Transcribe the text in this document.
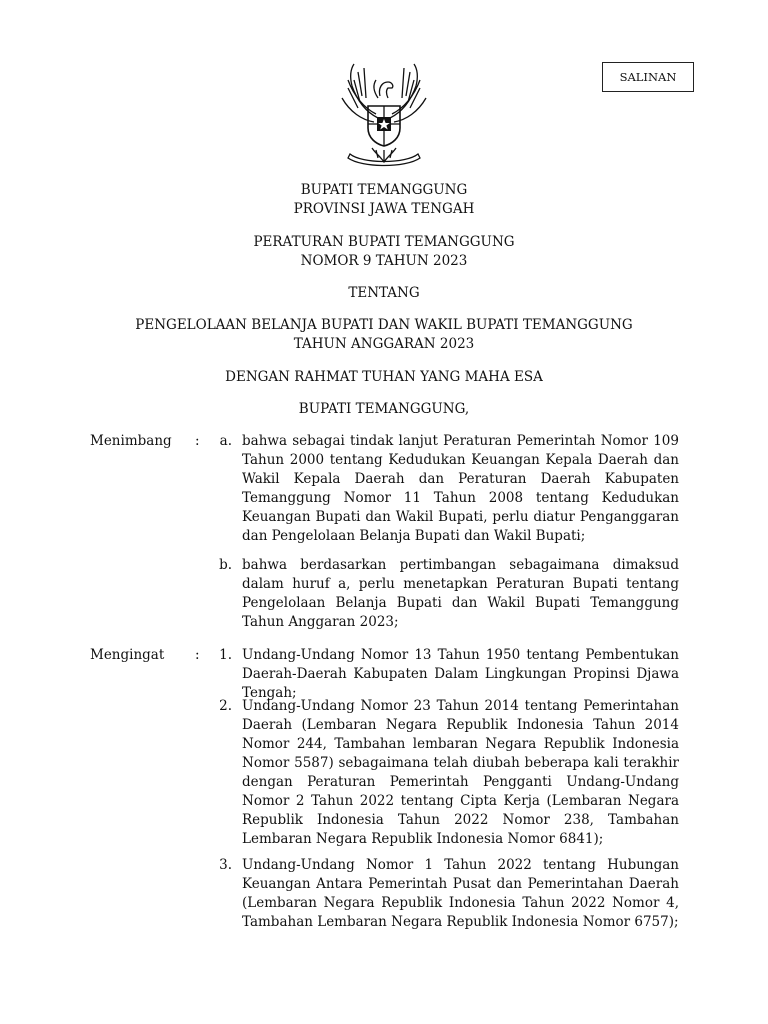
SALINAN
BUPATI TEMANGGUNG
PROVINSI JAWA TENGAH
PERATURAN BUPATI TEMANGGUNG
NOMOR 9 TAHUN 2023
TENTANG
PENGELOLAAN BELANJA BUPATI DAN WAKIL BUPATI TEMANGGUNG
TAHUN ANGGARAN 2023
DENGAN RAHMAT TUHAN YANG MAHA ESA
BUPATI TEMANGGUNG,
Menimbang :	a. bahwa sebagai tindak lanjut Peraturan Pemerintah Nomor 109 Tahun 2000 tentang Kedudukan Keuangan Kepala Daerah dan Wakil Kepala Daerah dan Peraturan Daerah Kabupaten Temanggung Nomor 11 Tahun 2008 tentang Kedudukan Keuangan Bupati dan Wakil Bupati, perlu diatur Penganggaran dan Pengelolaan Belanja Bupati dan Wakil Bupati;
b. bahwa berdasarkan pertimbangan sebagaimana dimaksud dalam huruf a, perlu menetapkan Peraturan Bupati tentang Pengelolaan Belanja Bupati dan Wakil Bupati Temanggung Tahun Anggaran 2023;
Mengingat :	1. Undang-Undang Nomor 13 Tahun 1950 tentang Pembentukan Daerah-Daerah Kabupaten Dalam Lingkungan Propinsi Djawa Tengah;
2. Undang-Undang Nomor 23 Tahun 2014 tentang Pemerintahan Daerah (Lembaran Negara Republik Indonesia Tahun 2014 Nomor 244, Tambahan lembaran Negara Republik Indonesia Nomor 5587) sebagaimana telah diubah beberapa kali terakhir dengan Peraturan Pemerintah Pengganti Undang-Undang Nomor 2 Tahun 2022 tentang Cipta Kerja (Lembaran Negara Republik Indonesia Tahun 2022 Nomor 238, Tambahan Lembaran Negara Republik Indonesia Nomor 6841);
3. Undang-Undang Nomor 1 Tahun 2022 tentang Hubungan Keuangan Antara Pemerintah Pusat dan Pemerintahan Daerah (Lembaran Negara Republik Indonesia Tahun 2022 Nomor 4, Tambahan Lembaran Negara Republik Indonesia Nomor 6757);
